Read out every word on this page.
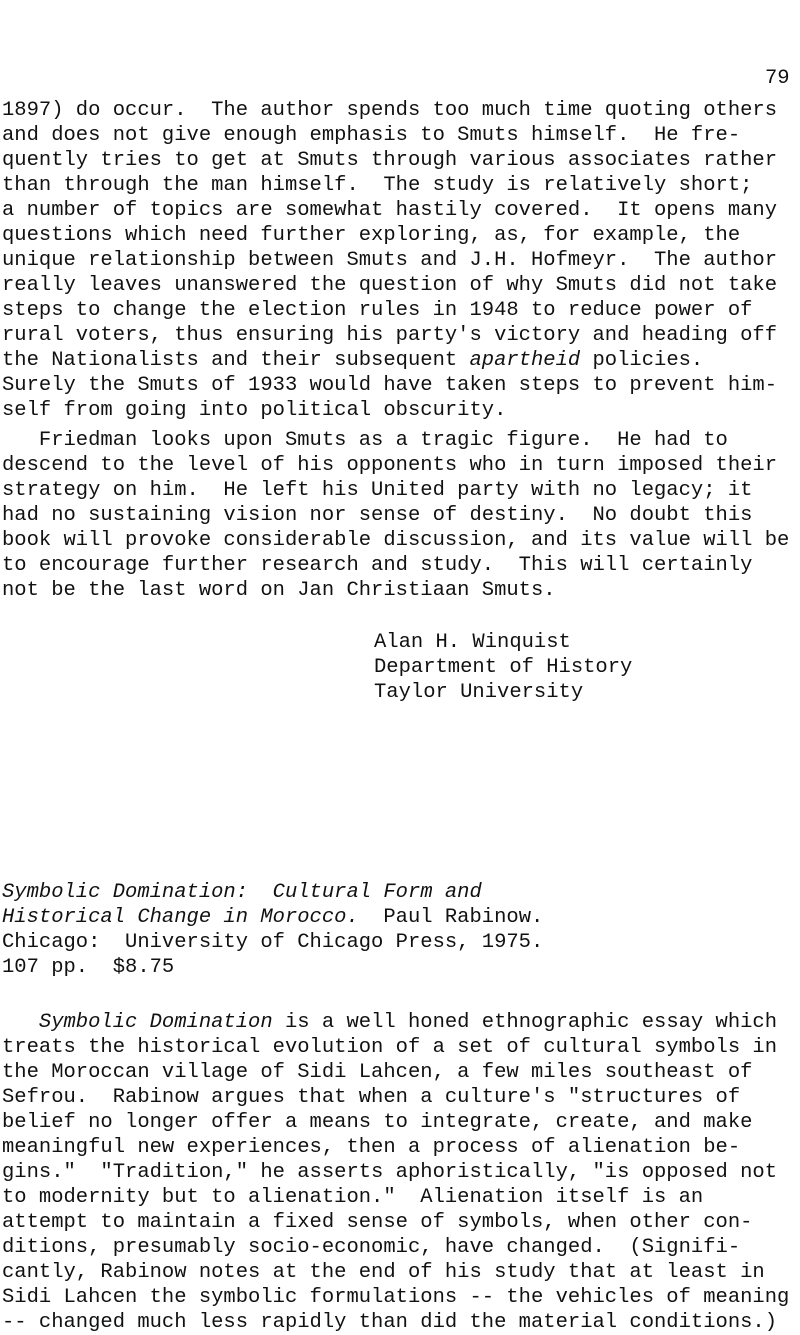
79
1897) do occur.  The author spends too much time quoting others
and does not give enough emphasis to Smuts himself.  He fre-
quently tries to get at Smuts through various associates rather
than through the man himself.  The study is relatively short;
a number of topics are somewhat hastily covered.  It opens many
questions which need further exploring, as, for example, the
unique relationship between Smuts and J.H. Hofmeyr.  The author
really leaves unanswered the question of why Smuts did not take
steps to change the election rules in 1948 to reduce power of
rural voters, thus ensuring his party's victory and heading off
the Nationalists and their subsequent apartheid policies.
Surely the Smuts of 1933 would have taken steps to prevent him-
self from going into political obscurity.
Friedman looks upon Smuts as a tragic figure.  He had to
descend to the level of his opponents who in turn imposed their
strategy on him.  He left his United party with no legacy; it
had no sustaining vision nor sense of destiny.  No doubt this
book will provoke considerable discussion, and its value will be
to encourage further research and study.  This will certainly
not be the last word on Jan Christiaan Smuts.
Alan H. Winquist
Department of History
Taylor University
Symbolic Domination:  Cultural Form and
Historical Change in Morocco.  Paul Rabinow.
Chicago:  University of Chicago Press, 1975.
107 pp.  $8.75
Symbolic Domination is a well honed ethnographic essay which
treats the historical evolution of a set of cultural symbols in
the Moroccan village of Sidi Lahcen, a few miles southeast of
Sefrou.  Rabinow argues that when a culture's "structures of
belief no longer offer a means to integrate, create, and make
meaningful new experiences, then a process of alienation be-
gins."  "Tradition," he asserts aphoristically, "is opposed not
to modernity but to alienation."  Alienation itself is an
attempt to maintain a fixed sense of symbols, when other con-
ditions, presumably socio-economic, have changed.  (Signifi-
cantly, Rabinow notes at the end of his study that at least in
Sidi Lahcen the symbolic formulations -- the vehicles of meaning
-- changed much less rapidly than did the material conditions.)
